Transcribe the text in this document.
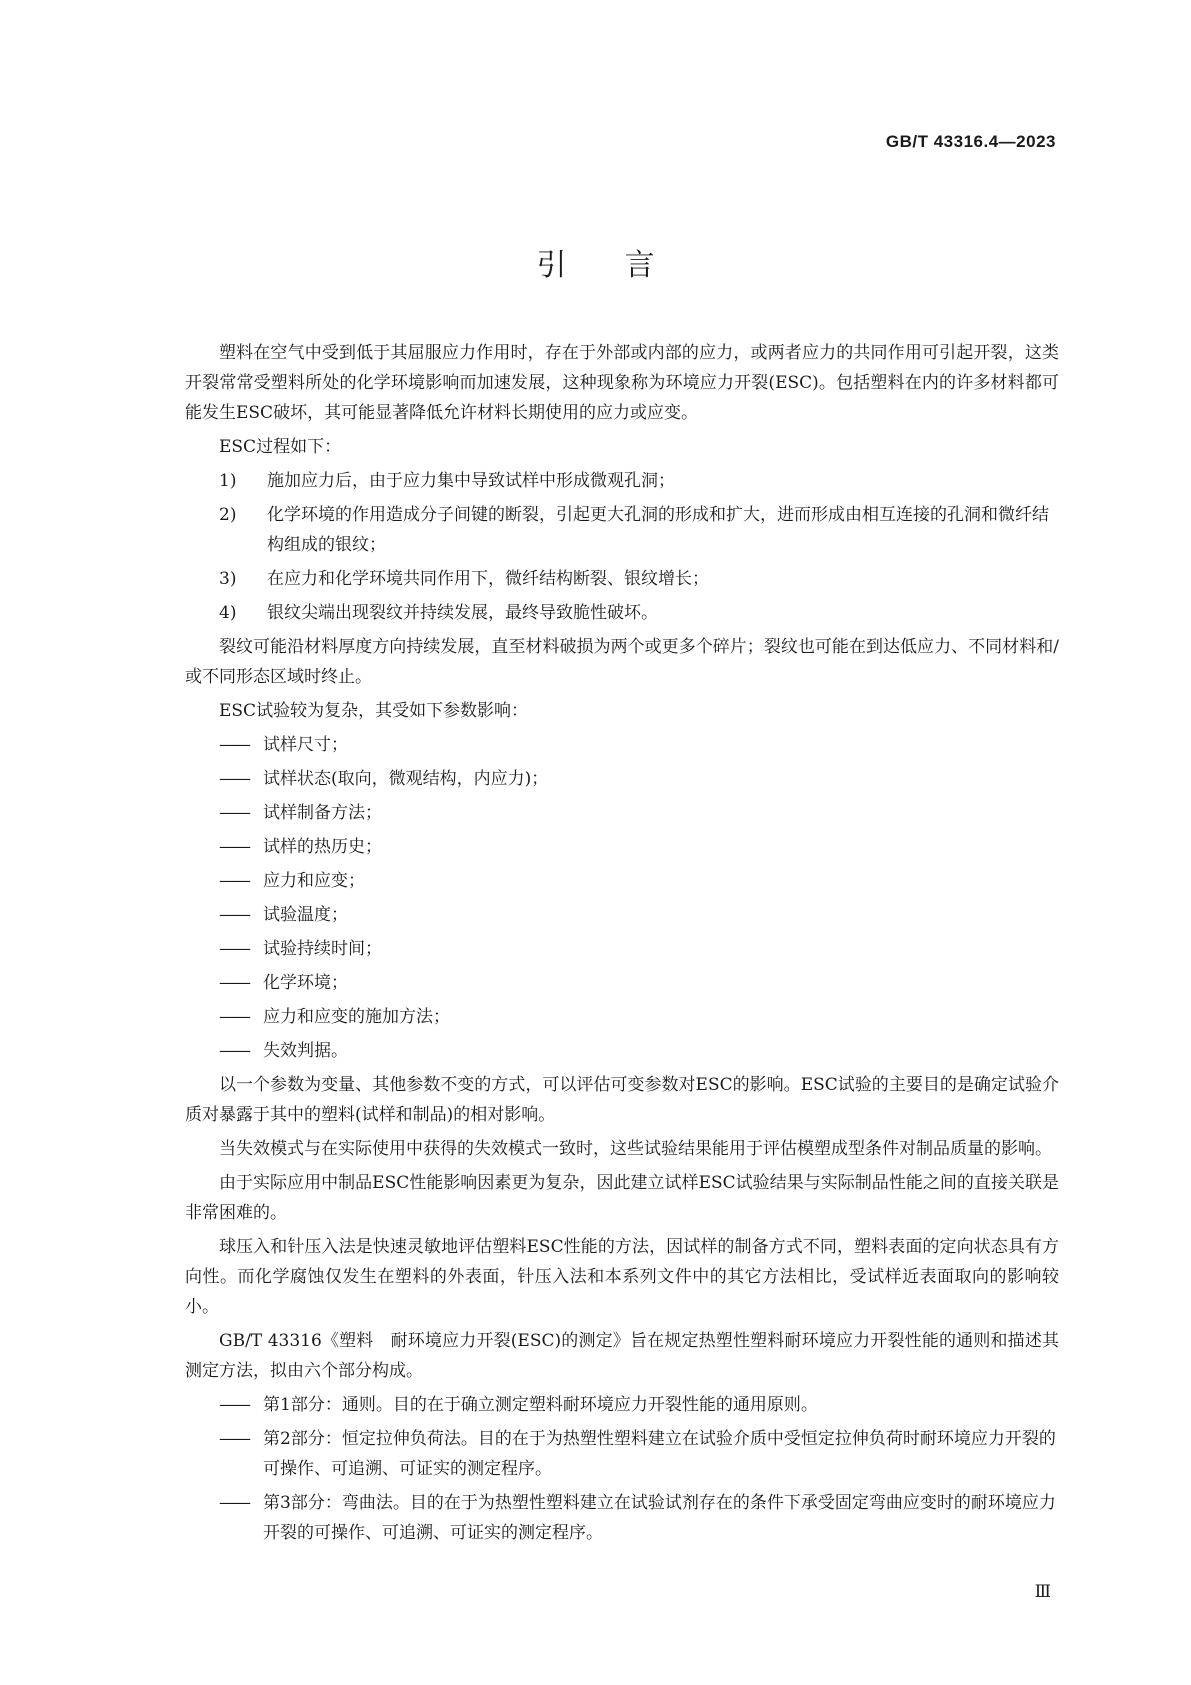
GB/T 43316.4—2023
引言

塑料在空气中受到低于其屈服应力作用时，存在于外部或内部的应力，或两者应力的共同作用可引起开裂，这类开裂常常受塑料所处的化学环境影响而加速发展，这种现象称为环境应力开裂(ESC)。包括塑料在内的许多材料都可能发生ESC破坏，其可能显著降低允许材料长期使用的应力或应变。

ESC过程如下：

1) 施加应力后，由于应力集中导致试样中形成微观孔洞；
2) 化学环境的作用造成分子间键的断裂，引起更大孔洞的形成和扩大，进而形成由相互连接的孔洞和微纤结构组成的银纹；
3) 在应力和化学环境共同作用下，微纤结构断裂、银纹增长；
4) 银纹尖端出现裂纹并持续发展，最终导致脆性破坏。

裂纹可能沿材料厚度方向持续发展，直至材料破损为两个或更多个碎片；裂纹也可能在到达低应力、不同材料和/或不同形态区域时终止。

ESC试验较为复杂，其受如下参数影响：

—— 试样尺寸；
—— 试样状态(取向，微观结构，内应力)；
—— 试样制备方法；
—— 试样的热历史；
—— 应力和应变；
—— 试验温度；
—— 试验持续时间；
—— 化学环境；
—— 应力和应变的施加方法；
—— 失效判据。

以一个参数为变量、其他参数不变的方式，可以评估可变参数对ESC的影响。ESC试验的主要目的是确定试验介质对暴露于其中的塑料(试样和制品)的相对影响。

当失效模式与在实际使用中获得的失效模式一致时，这些试验结果能用于评估模塑成型条件对制品质量的影响。

由于实际应用中制品ESC性能影响因素更为复杂，因此建立试样ESC试验结果与实际制品性能之间的直接关联是非常困难的。

球压入和针压入法是快速灵敏地评估塑料ESC性能的方法，因试样的制备方式不同，塑料表面的定向状态具有方向性。而化学腐蚀仅发生在塑料的外表面，针压入法和本系列文件中的其它方法相比，受试样近表面取向的影响较小。

GB/T 43316《塑料　耐环境应力开裂(ESC)的测定》旨在规定热塑性塑料耐环境应力开裂性能的通则和描述其测定方法，拟由六个部分构成。

—— 第1部分：通则。目的在于确立测定塑料耐环境应力开裂性能的通用原则。
—— 第2部分：恒定拉伸负荷法。目的在于为热塑性塑料建立在试验介质中受恒定拉伸负荷时耐环境应力开裂的可操作、可追溯、可证实的测定程序。
—— 第3部分：弯曲法。目的在于为热塑性塑料建立在试验试剂存在的条件下承受固定弯曲应变时的耐环境应力开裂的可操作、可追溯、可证实的测定程序。
Ⅲ
